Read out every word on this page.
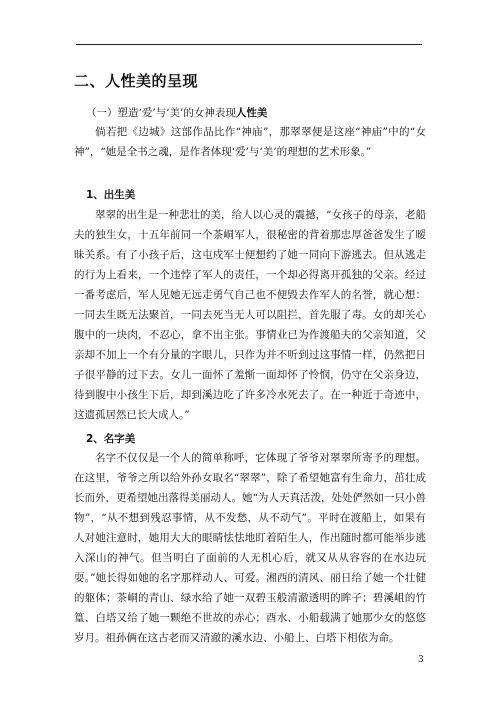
二、人性美的呈现
（一）塑造‘爱’与‘美’的女神表现人性美

倘若把《边城》这部作品比作“神庙”，那翠翠便是这座“神庙”中的“女神”，“她是全书之魂，是作者体现‘爱’与‘美’的理想的艺术形象。”

1、出生美

翠翠的出生是一种悲壮的美，给人以心灵的震撼，“女孩子的母亲，老船夫的独生女，十五年前同一个茶峒军人，很秘密的背着那忠厚爸爸发生了暧昧关系。有了小孩子后，这屯戍军士便想约了她一同向下游逃去。但从逃走的行为上看来，一个违悖了军人的责任，一个却必得离开孤独的父亲。经过一番考虑后，军人见她无远走勇气自己也不便毁去作军人的名誉，就心想：一同去生既无法聚首，一同去死当无人可以阻拦，首先服了毒。女的却关心腹中的一块肉，不忍心，拿不出主张。事情业已为作渡船夫的父亲知道，父亲却不加上一个有分量的字眼儿，只作为并不听到过这事情一样，仍然把日子很平静的过下去。女儿一面怀了羞惭一面却怀了怜悯，仍守在父亲身边，待到腹中小孩生下后，却到溪边吃了许多冷水死去了。在一种近于奇迹中，这遗孤居然已长大成人。”

2、名字美

名字不仅仅是一个人的简单称呼，它体现了爷爷对翠翠所寄予的理想。在这里，爷爷之所以给外孙女取名“翠翠”，除了希望她富有生命力，茁壮成长而外，更希望她出落得美丽动人。她“为人天真活泼，处处俨然如一只小兽物”，“从不想到残忍事情，从不发愁，从不动气”。平时在渡船上，如果有人对她注意时，她用大大的眼睛怯怯地盯着陌生人，作出随时都可能举步逃入深山的神气。但当明白了面前的人无机心后，就又从从容容的在水边玩耍。”她长得如她的名字那样动人、可爱。湘西的清风、丽日给了她一个壮健的躯体；茶峒的青山、绿水给了她一双碧玉般清澈透明的眸子；碧溪岨的竹篁、白塔又给了她一颗绝不世故的赤心；酉水、小船载满了她那少女的悠悠岁月。祖孙俩在这古老而又清澈的溪水边、小船上、白塔下相依为命。

3
